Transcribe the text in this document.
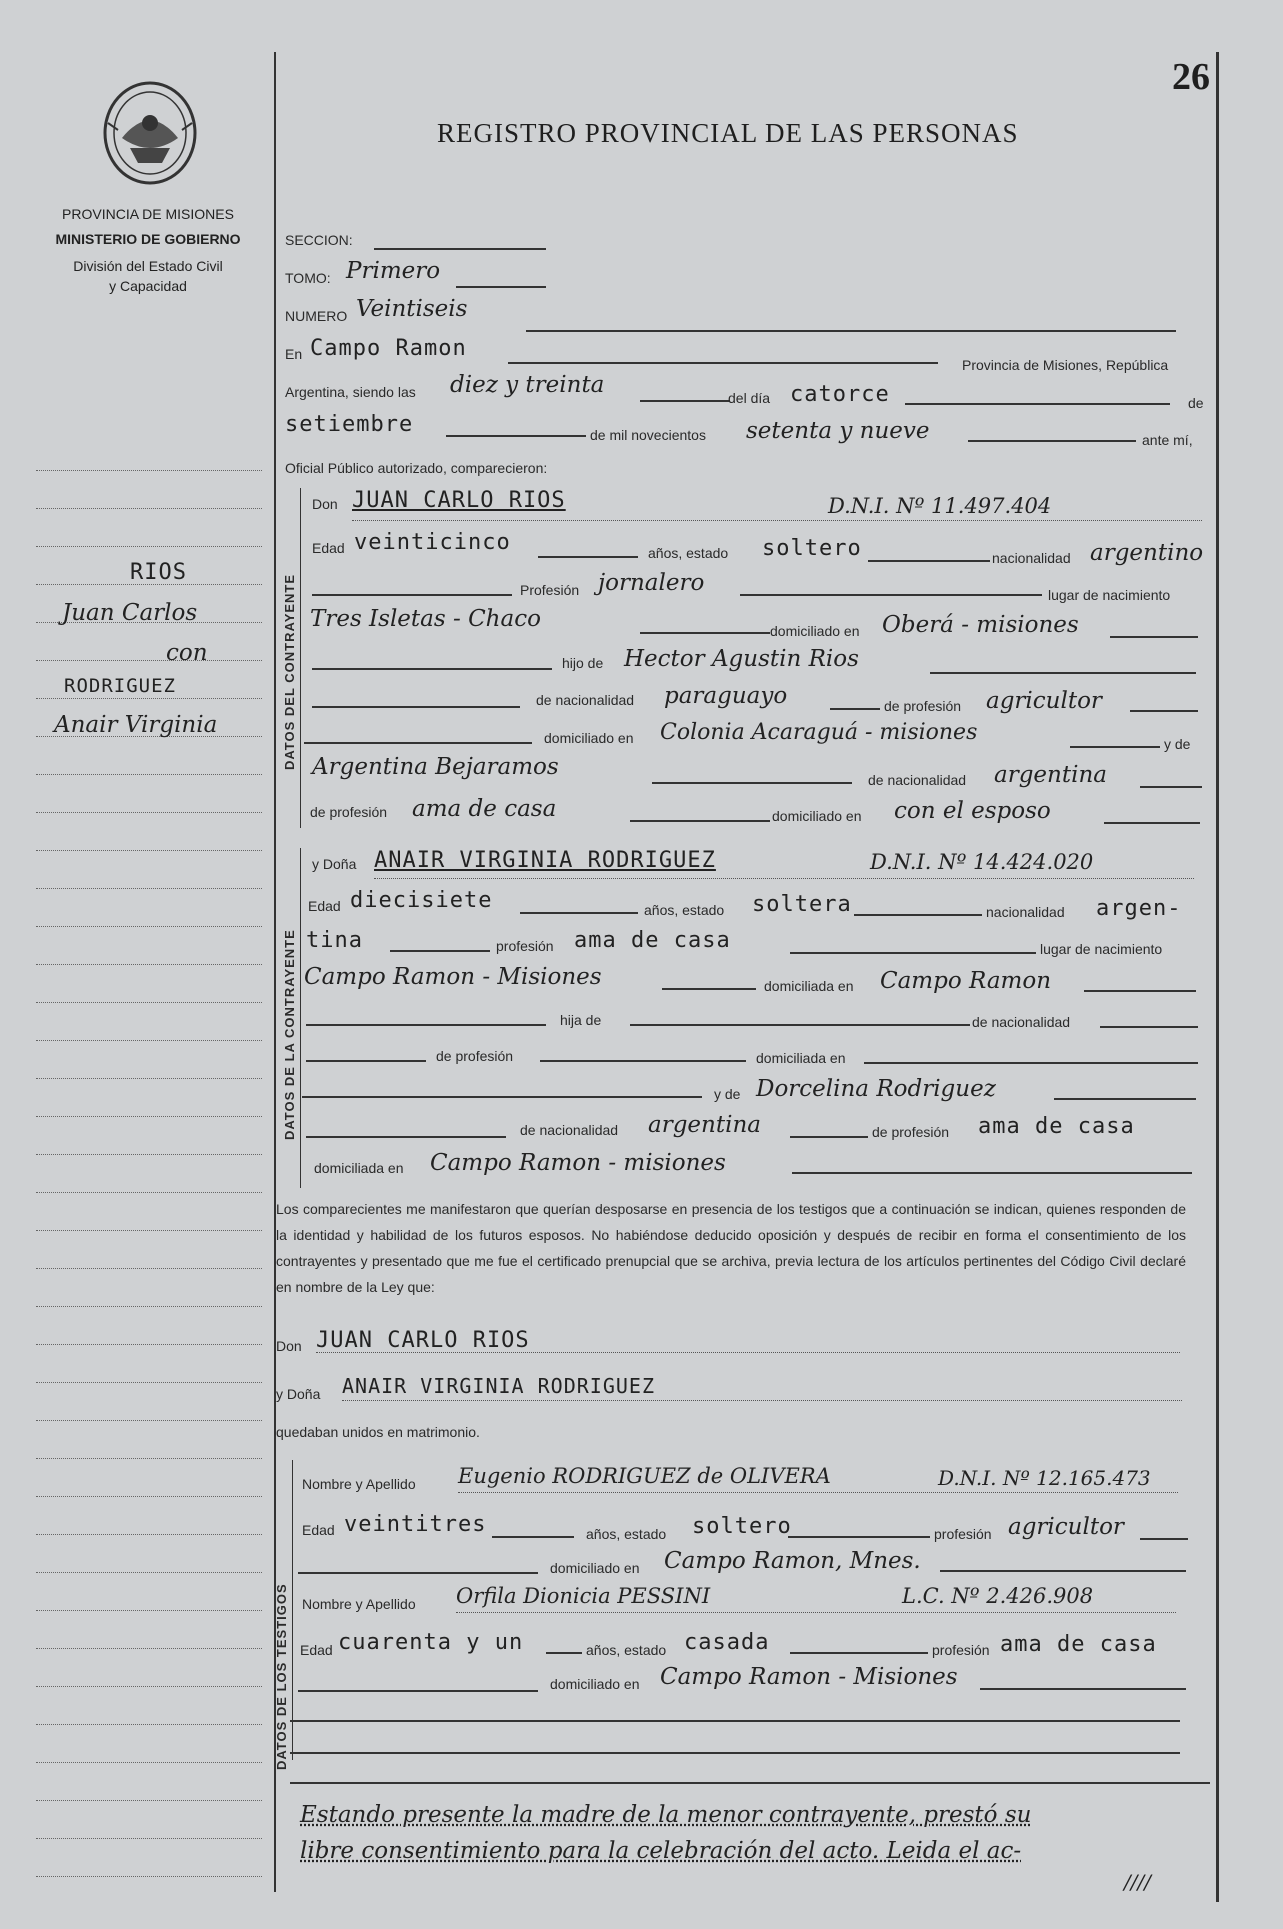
26
REGISTRO PROVINCIAL DE LAS PERSONAS
PROVINCIA DE MISIONES
MINISTERIO DE GOBIERNO
División del Estado Civil
y Capacidad
RIOS
Juan Carlos
con
RODRIGUEZ
Anair Virginia
SECCION:
TOMO: Primero
NUMERO Veintiseis
En Campo Ramon
Provincia de Misiones, República
Argentina, siendo las diez y treinta	del día catorce	de
setiembre	de mil novecientos setenta y nueve	ante mí,
Oficial Público autorizado, comparecieron:
DATOS DEL CONTRAYENTE
Don JUAN CARLO RIOS	D.N.I. Nº 11.497.404
Edad veinticinco	años, estado soltero	nacionalidad argentino
Profesión jornalero	lugar de nacimiento
Tres Isletas - Chaco	domiciliado en Oberá - misiones
hijo de Hector Agustin Rios
de nacionalidad paraguayo	de profesión agricultor
domiciliado en Colonia Acaraguá - misiones	y de
Argentina Bejaramos	de nacionalidad argentina
de profesión ama de casa	domiciliado en con el esposo
DATOS DE LA CONTRAYENTE
y Doña ANAIR VIRGINIA RODRIGUEZ	D.N.I. Nº 14.424.020
Edad diecisiete	años, estado soltera	nacionalidad argen-
tina	profesión ama de casa	lugar de nacimiento
Campo Ramon - Misiones	domiciliada en Campo Ramon
hija de	de nacionalidad
de profesión	domiciliada en
y de Dorcelina Rodriguez
de nacionalidad argentina	de profesión ama de casa
domiciliada en Campo Ramon - misiones
Los comparecientes me manifestaron que querían desposarse en presencia de los testigos que a continuación se indican, quienes responden de la identidad y habilidad de los futuros esposos. No habiéndose deducido oposición y después de recibir en forma el consentimiento de los contrayentes y presentado que me fue el certificado prenupcial que se archiva, previa lectura de los artículos pertinentes del Código Civil declaré en nombre de la Ley que:
Don JUAN CARLO RIOS
y Doña ANAIR VIRGINIA RODRIGUEZ
quedaban unidos en matrimonio.
DATOS DE LOS TESTIGOS
Nombre y Apellido Eugenio RODRIGUEZ de OLIVERA	D.N.I. Nº 12.165.473
Edad veintitres	años, estado soltero	profesión agricultor
domiciliado en Campo Ramon, Mnes.
Nombre y Apellido Orfila Dionicia PESSINI	L.C. Nº 2.426.908
Edad cuarenta y un	años, estado casada	profesión ama de casa
domiciliado en Campo Ramon - Misiones
Estando presente la madre de la menor contrayente, prestó su
libre consentimiento para la celebración del acto. Leida el ac-
////
